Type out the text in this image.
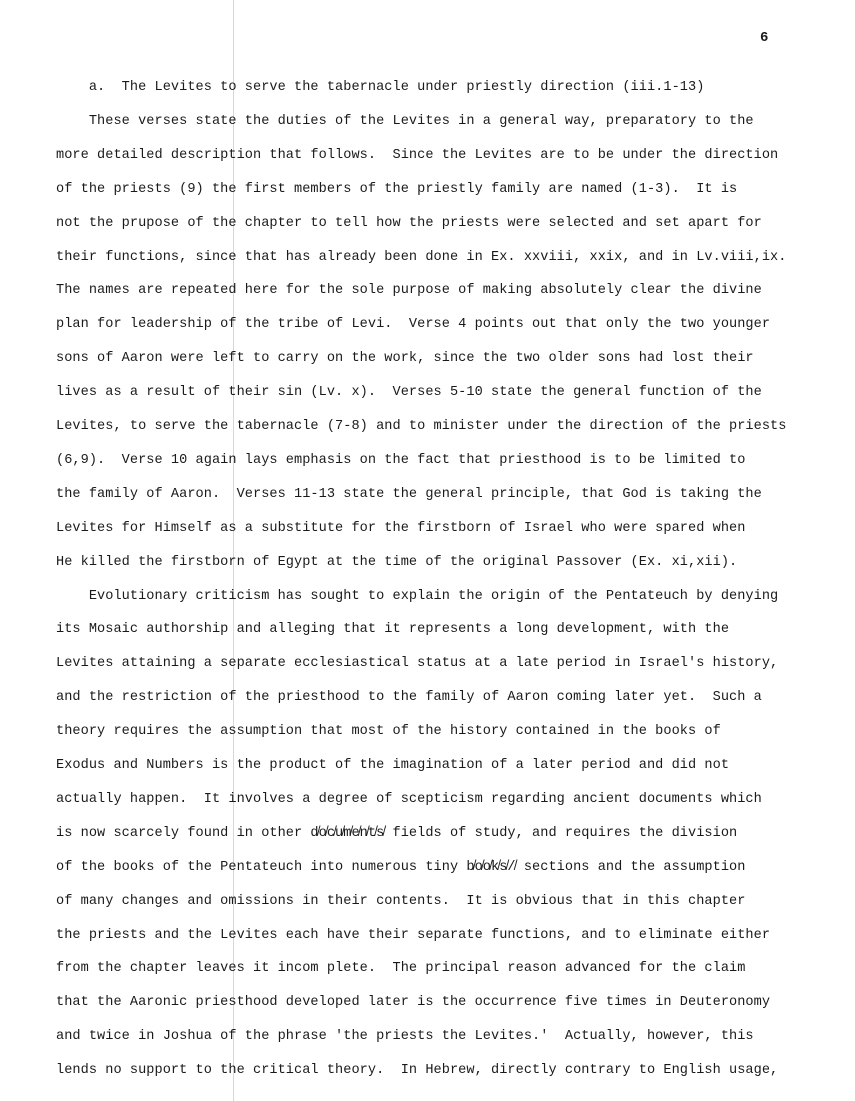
6
a.  The Levites to serve the tabernacle under priestly direction (iii.1-13)
These verses state the duties of the Levites in a general way, preparatory to the
more detailed description that follows.  Since the Levites are to be under the direction
of the priests (9) the first members of the priestly family are named (1-3).  It is
not the prupose of the chapter to tell how the priests were selected and set apart for
their functions, since that has already been done in Ex. xxviii, xxix, and in Lv.viii,ix.
The names are repeated here for the sole purpose of making absolutely clear the divine
plan for leadership of the tribe of Levi.  Verse 4 points out that only the two younger
sons of Aaron were left to carry on the work, since the two older sons had lost their
lives as a result of their sin (Lv. x).  Verses 5-10 state the general function of the
Levites, to serve the tabernacle (7-8) and to minister under the direction of the priests
(6,9).  Verse 10 again lays emphasis on the fact that priesthood is to be limited to
the family of Aaron.  Verses 11-13 state the general principle, that God is taking the
Levites for Himself as a substitute for the firstborn of Israel who were spared when
He killed the firstborn of Egypt at the time of the original Passover (Ex. xi,xii).
Evolutionary criticism has sought to explain the origin of the Pentateuch by denying
its Mosaic authorship and alleging that it represents a long development, with the
Levites attaining a separate ecclesiastical status at a late period in Israel's history,
and the restriction of the priesthood to the family of Aaron coming later yet.  Such a
theory requires the assumption that most of the history contained in the books of
Exodus and Numbers is the product of the imagination of a later period and did not
actually happen.  It involves a degree of scepticism regarding ancient documents which
is now scarcely found in other d̸o̸c̸u̸m̸e̸n̸t̸s̸ fields of study, and requires the division
of the books of the Pentateuch into numerous tiny b̸o̸o̸k̸s̸/̸ sections and the assumption
of many changes and omissions in their contents.  It is obvious that in this chapter
the priests and the Levites each have their separate functions, and to eliminate either
from the chapter leaves it incom plete.  The principal reason advanced for the claim
that the Aaronic priesthood developed later is the occurrence five times in Deuteronomy
and twice in Joshua of the phrase 'the priests the Levites.'  Actually, however, this
lends no support to the critical theory.  In Hebrew, directly contrary to English usage,
